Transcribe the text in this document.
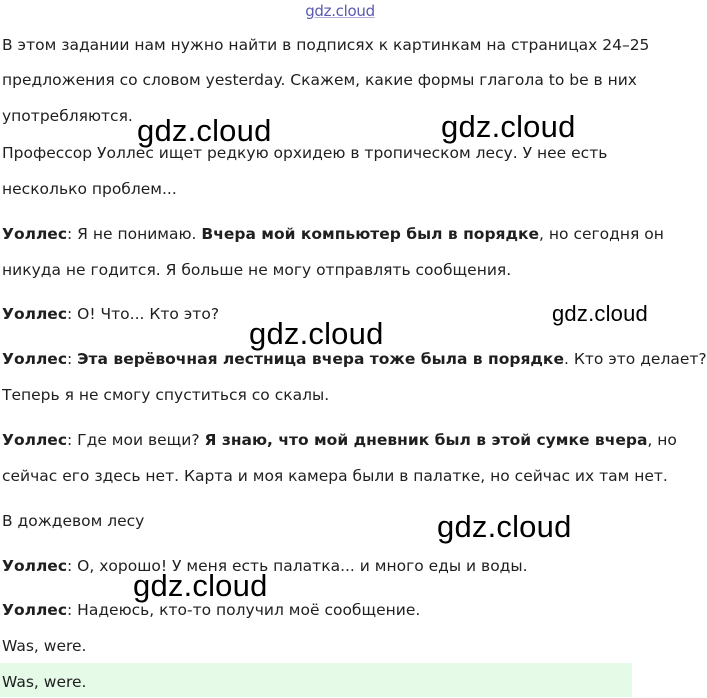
gdz.cloud
В этом задании нам нужно найти в подписях к картинкам на страницах 24–25
предложения со словом yesterday. Скажем, какие формы глагола to be в них
употребляются.
Профессор Уоллес ищет редкую орхидею в тропическом лесу. У нее есть
несколько проблем...
Уоллес: Я не понимаю. Вчера мой компьютер был в порядке, но сегодня он
никуда не годится. Я больше не могу отправлять сообщения.
Уоллес: О! Что... Кто это?
Уоллес: Эта верёвочная лестница вчера тоже была в порядке. Кто это делает?
Теперь я не смогу спуститься со скалы.
Уоллес: Где мои вещи? Я знаю, что мой дневник был в этой сумке вчера, но
сейчас его здесь нет. Карта и моя камера были в палатке, но сейчас их там нет.
В дождевом лесу
Уоллес: О, хорошо! У меня есть палатка... и много еды и воды.
Уоллес: Надеюсь, кто-то получил моё сообщение.
Was, were.
Was, were.
gdz.cloud	gdz.cloud
gdz.cloud
gdz.cloud
gdz.cloud
gdz.cloud
